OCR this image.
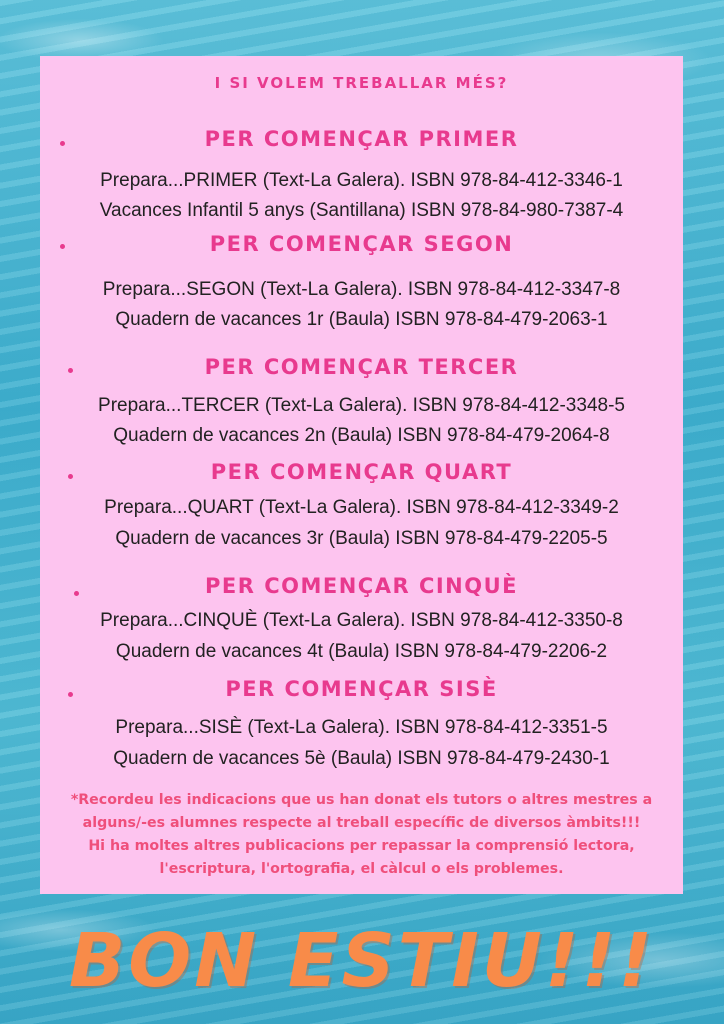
I SI VOLEM TREBALLAR MÉS?
PER COMENÇAR PRIMER
Prepara...PRIMER (Text-La Galera). ISBN 978-84-412-3346-1
Vacances Infantil 5 anys (Santillana) ISBN 978-84-980-7387-4
PER COMENÇAR SEGON
Prepara...SEGON (Text-La Galera). ISBN 978-84-412-3347-8
Quadern de vacances 1r (Baula) ISBN 978-84-479-2063-1
PER COMENÇAR TERCER
Prepara...TERCER (Text-La Galera). ISBN 978-84-412-3348-5
Quadern de vacances 2n (Baula) ISBN 978-84-479-2064-8
PER COMENÇAR QUART
Prepara...QUART (Text-La Galera). ISBN 978-84-412-3349-2
Quadern de vacances 3r (Baula) ISBN 978-84-479-2205-5
PER COMENÇAR CINQUÈ
Prepara...CINQUÈ (Text-La Galera). ISBN 978-84-412-3350-8
Quadern de vacances 4t (Baula) ISBN 978-84-479-2206-2
PER COMENÇAR SISÈ
Prepara...SISÈ (Text-La Galera). ISBN 978-84-412-3351-5
Quadern de vacances 5è (Baula) ISBN 978-84-479-2430-1
*Recordeu les indicacions que us han donat els tutors o altres mestres a
alguns/-es alumnes respecte al treball específic de diversos àmbits!!!
Hi ha moltes altres publicacions per repassar la comprensió lectora,
l'escriptura, l'ortografia, el càlcul o els problemes.
BON ESTIU!!!
